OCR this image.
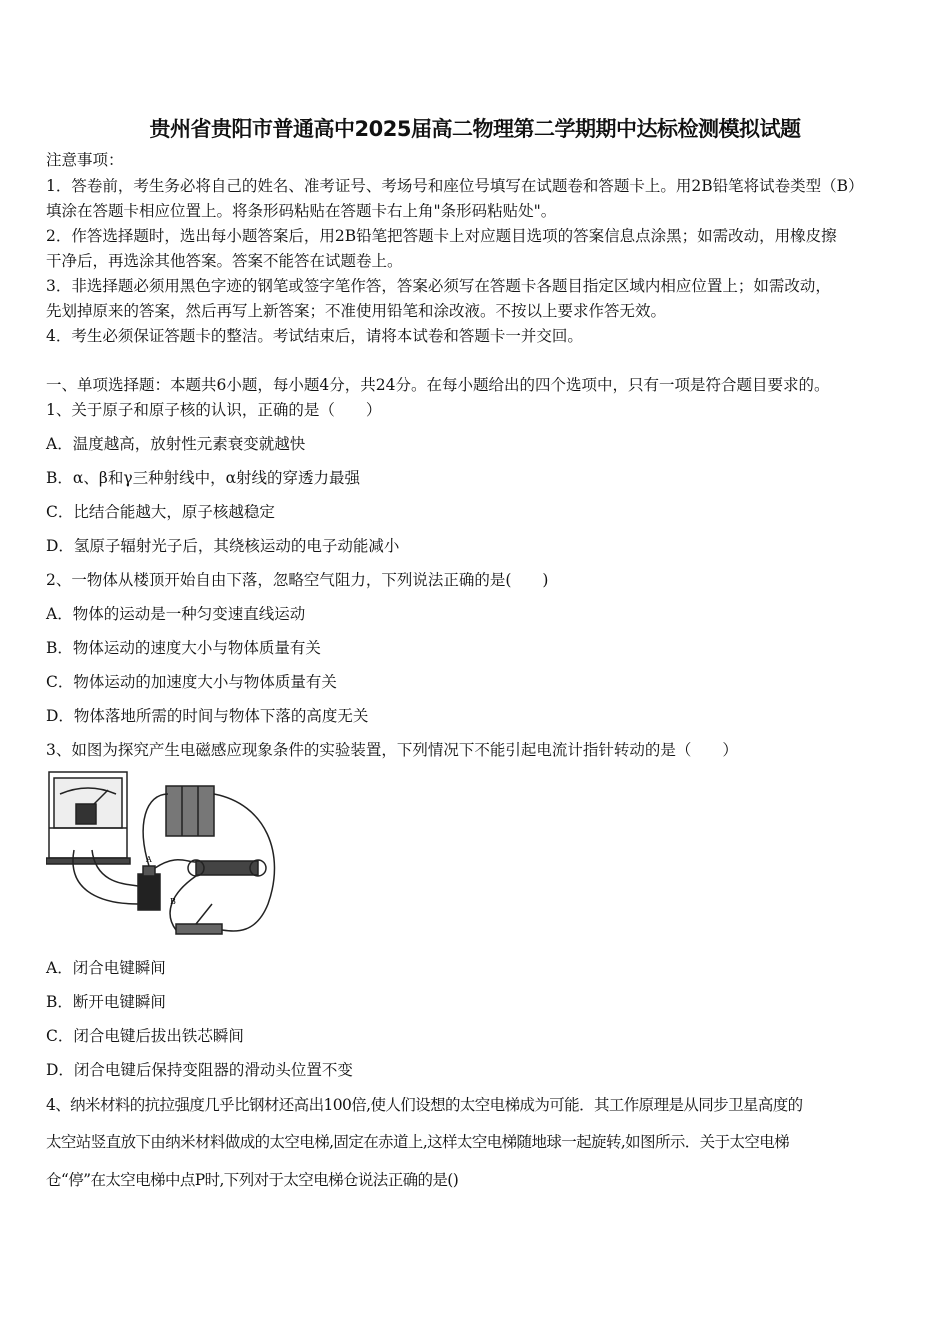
贵州省贵阳市普通高中2025届高二物理第二学期期中达标检测模拟试题
注意事项：
1．答卷前，考生务必将自己的姓名、准考证号、考场号和座位号填写在试题卷和答题卡上。用2B铅笔将试卷类型（B）
填涂在答题卡相应位置上。将条形码粘贴在答题卡右上角"条形码粘贴处"。
2．作答选择题时，选出每小题答案后，用2B铅笔把答题卡上对应题目选项的答案信息点涂黑；如需改动，用橡皮擦
干净后，再选涂其他答案。答案不能答在试题卷上。
3．非选择题必须用黑色字迹的钢笔或签字笔作答，答案必须写在答题卡各题目指定区域内相应位置上；如需改动，
先划掉原来的答案，然后再写上新答案；不准使用铅笔和涂改液。不按以上要求作答无效。
4．考生必须保证答题卡的整洁。考试结束后，请将本试卷和答题卡一并交回。
一、单项选择题：本题共6小题，每小题4分，共24分。在每小题给出的四个选项中，只有一项是符合题目要求的。
1、关于原子和原子核的认识，正确的是（　　）
A．温度越高，放射性元素衰变就越快
B．α、β和γ三种射线中，α射线的穿透力最强
C．比结合能越大，原子核越稳定
D．氢原子辐射光子后，其绕核运动的电子动能减小
2、一物体从楼顶开始自由下落，忽略空气阻力，下列说法正确的是(　　)
A．物体的运动是一种匀变速直线运动
B．物体运动的速度大小与物体质量有关
C．物体运动的加速度大小与物体质量有关
D．物体落地所需的时间与物体下落的高度无关
3、如图为探究产生电磁感应现象条件的实验装置，下列情况下不能引起电流计指针转动的是（　　）
A
B
A．闭合电键瞬间
B．断开电键瞬间
C．闭合电键后拔出铁芯瞬间
D．闭合电键后保持变阻器的滑动头位置不变
4、纳米材料的抗拉强度几乎比钢材还高出100倍,使人们设想的太空电梯成为可能．其工作原理是从同步卫星高度的
太空站竖直放下由纳米材料做成的太空电梯,固定在赤道上,这样太空电梯随地球一起旋转,如图所示．关于太空电梯
仓“停”在太空电梯中点P时,下列对于太空电梯仓说法正确的是()
